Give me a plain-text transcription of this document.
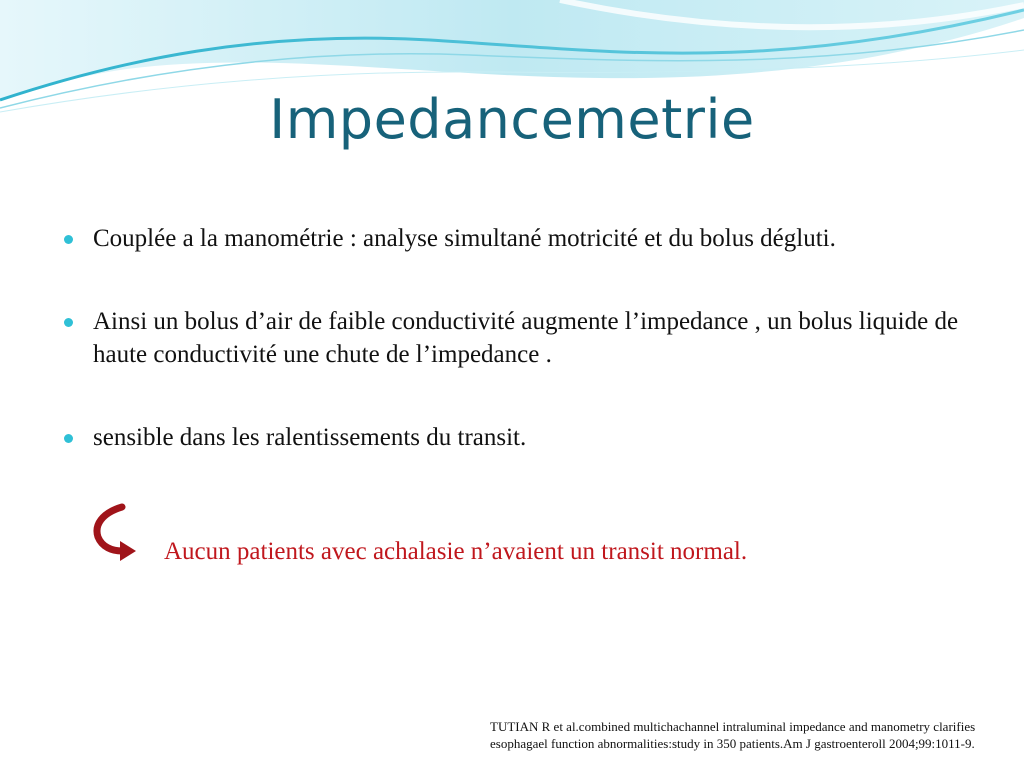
Impedancemetrie
Couplée a la manométrie : analyse simultané motricité et du bolus dégluti.
Ainsi un bolus d’air de faible conductivité augmente l’impedance , un bolus liquide de haute conductivité une chute de l’impedance .
sensible dans les ralentissements du transit.
Aucun patients avec achalasie n’avaient un transit normal.
TUTIAN R et al.combined multichachannel intraluminal impedance and manometry clarifies esophagael function abnormalities:study in 350 patients.Am J gastroenteroll 2004;99:1011-9.
